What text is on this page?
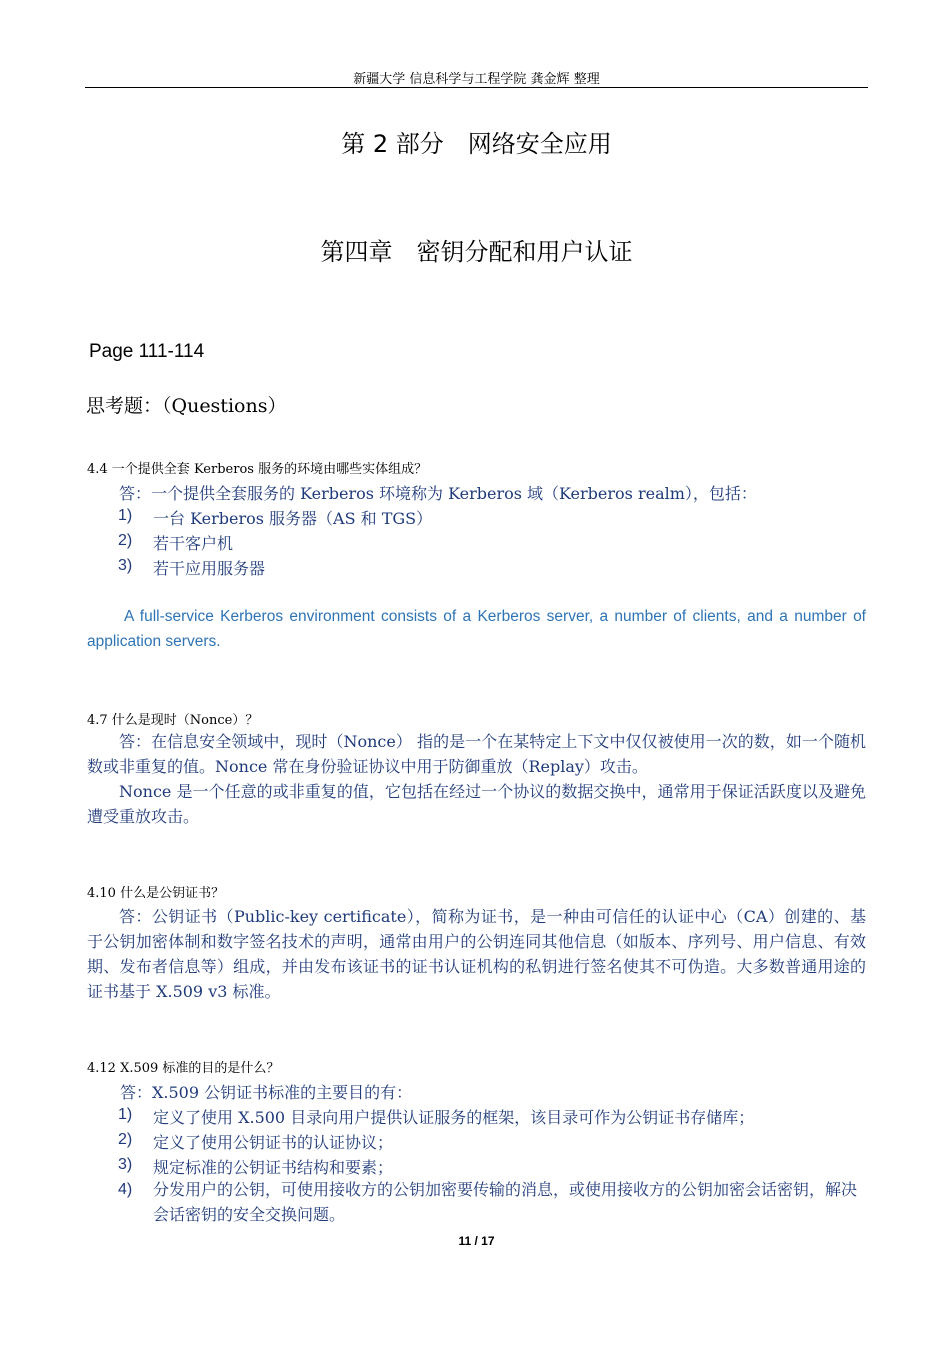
新疆大学 信息科学与工程学院 龚金辉 整理
第 2 部分　网络安全应用
第四章　密钥分配和用户认证
Page 111-114
思考题：（Questions）
4.4 一个提供全套 Kerberos 服务的环境由哪些实体组成？
答：一个提供全套服务的 Kerberos 环境称为 Kerberos 域（Kerberos realm），包括：
1) 一台 Kerberos 服务器（AS 和 TGS）
2) 若干客户机
3) 若干应用服务器
A full-service Kerberos environment consists of a Kerberos server, a number of clients, and a number of application servers.
4.7 什么是现时（Nonce）？
答：在信息安全领域中，现时（Nonce） 指的是一个在某特定上下文中仅仅被使用一次的数，如一个随机数或非重复的值。Nonce 常在身份验证协议中用于防御重放（Replay）攻击。
Nonce 是一个任意的或非重复的值，它包括在经过一个协议的数据交换中，通常用于保证活跃度以及避免遭受重放攻击。
4.10 什么是公钥证书？
答：公钥证书（Public-key certificate），简称为证书，是一种由可信任的认证中心（CA）创建的、基于公钥加密体制和数字签名技术的声明，通常由用户的公钥连同其他信息（如版本、序列号、用户信息、有效期、发布者信息等）组成，并由发布该证书的证书认证机构的私钥进行签名使其不可伪造。大多数普通用途的证书基于 X.509 v3 标准。
4.12 X.509 标准的目的是什么？
答：X.509 公钥证书标准的主要目的有：
1) 定义了使用 X.500 目录向用户提供认证服务的框架，该目录可作为公钥证书存储库；
2) 定义了使用公钥证书的认证协议；
3) 规定标准的公钥证书结构和要素；
4) 分发用户的公钥，可使用接收方的公钥加密要传输的消息，或使用接收方的公钥加密会话密钥，解决会话密钥的安全交换问题。
11 / 17
